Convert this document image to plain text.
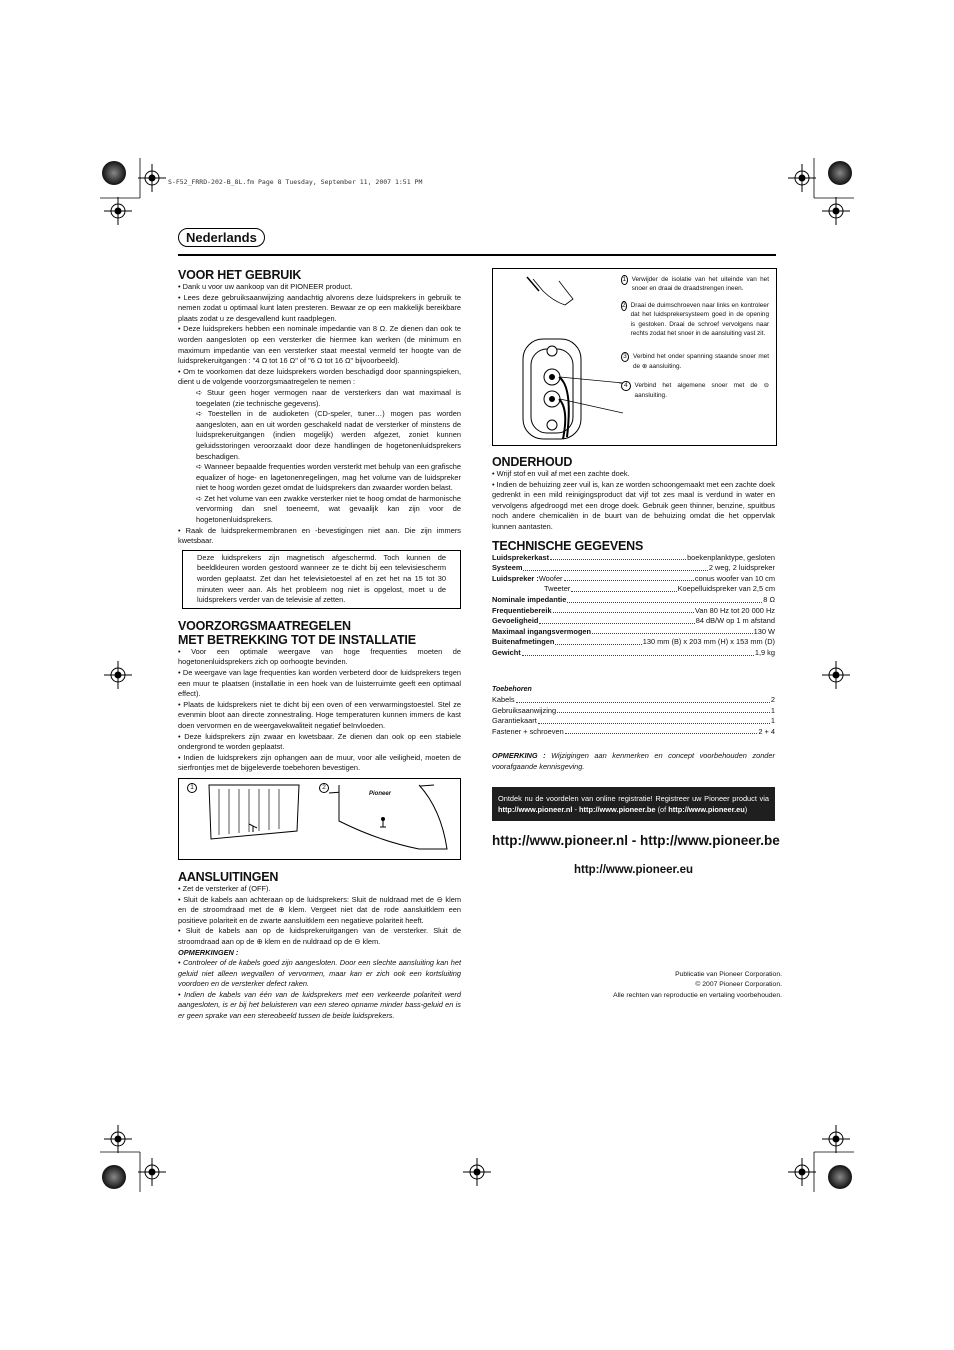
S-F52_FRRD-202-B_8L.fm Page 8 Tuesday, September 11, 2007 1:51 PM
Nederlands
VOOR HET GEBRUIK
• Dank u voor uw aankoop van dit PIONEER product.
• Lees deze gebruiksaanwijzing aandachtig alvorens deze luidsprekers in gebruik te nemen zodat u optimaal kunt laten presteren. Bewaar ze op een makkelijk bereikbare plaats zodat u ze desgevallend kunt raadplegen.
• Deze luidsprekers hebben een nominale impedantie van 8 Ω. Ze dienen dan ook te worden aangesloten op een versterker die hiermee kan werken (de minimum en maximum impedantie van een versterker staat meestal vermeld ter hoogte van de luidsprekeruitgangen : "4 Ω tot 16 Ω" of "6 Ω tot 16 Ω" bijvoorbeeld).
• Om te voorkomen dat deze luidsprekers worden beschadigd door spanningspieken, dient u de volgende voorzorgsmaatregelen te nemen :
➪ Stuur geen hoger vermogen naar de versterkers dan wat maximaal is toegelaten (zie technische gegevens).
➪ Toestellen in de audioketen (CD-speler, tuner…) mogen pas worden aangesloten, aan en uit worden geschakeld nadat de versterker of minstens de luidsprekeruitgangen (indien mogelijk) werden afgezet, zoniet kunnen geluidsstoringen veroorzaakt door deze handlingen de hogetonenluidsprekers beschadigen.
➪ Wanneer bepaalde frequenties worden versterkt met behulp van een grafische equalizer of hoge- en lagetonenregelingen, mag het volume van de luidspreker niet te hoog worden gezet omdat de luidsprekers dan zwaarder worden belast.
➪ Zet het volume van een zwakke versterker niet te hoog omdat de harmonische vervorming dan snel toeneemt, wat gevaalijk kan zijn voor de hogetonenluidsprekers.
• Raak de luidsprekermembranen en -bevestigingen niet aan. Die zijn immers kwetsbaar.
Deze luidsprekers zijn magnetisch afgeschermd. Toch kunnen de beeldkleuren worden gestoord wanneer ze te dicht bij een televisiescherm worden geplaatst. Zet dan het televisietoestel af en zet het na 15 tot 30 minuten weer aan. Als het probleem nog niet is opgelost, moet u de luidsprekers verder van de televisie af zetten.
VOORZORGSMAATREGELEN
MET BETREKKING TOT DE INSTALLATIE
• Voor een optimale weergave van hoge frequenties moeten de hogetonenluidsprekers zich op oorhoogte bevinden.
• De weergave van lage frequenties kan worden verbeterd door de luidsprekers tegen een muur te plaatsen (installatie in een hoek van de luisterruimte geeft een optimaal effect).
• Plaats de luidsprekers niet te dicht bij een oven of een verwarmingstoestel. Stel ze evenmin bloot aan directe zonnestraling. Hoge temperaturen kunnen immers de kast doen vervormen en de weergavekwaliteit negatief beïnvloeden.
• Deze luidsprekers zijn zwaar en kwetsbaar. Ze dienen dan ook op een stabiele ondergrond te worden geplaatst.
• Indien de luidsprekers zijn ophangen aan de muur, voor alle veiligheid, moeten de sierfrontjes met de bijgeleverde toebehoren bevestigen.
1	2
Pioneer
AANSLUITINGEN
• Zet de versterker af (OFF).
• Sluit de kabels aan achteraan op de luidsprekers: Sluit de nuldraad met de ⊖ klem en de stroomdraad met de ⊕ klem. Vergeet niet dat de rode aansluitklem een positieve polariteit en de zwarte aansluitklem een negatieve polariteit heeft.
• Sluit de kabels aan op de luidsprekeruitgangen van de versterker. Sluit de stroomdraad aan op de ⊕ klem en de nuldraad op de ⊖ klem.
OPMERKINGEN :
• Controleer of de kabels goed zijn aangesloten. Door een slechte aansluiting kan het geluid niet alleen wegvallen of vervormen, maar kan er zich ook een kortsluiting voordoen en de versterker defect raken.
• Indien de kabels van één van de luidsprekers met een verkeerde polariteit werd aangesloten, is er bij het beluisteren van een stereo opname minder bass-geluid en is er geen sprake van een stereobeeld tussen de beide luidsprekers.
1 Verwijder de isolatie van het uiteinde van het snoer en draai de draadstrengen ineen.
2 Draai de duimschroeven naar links en kontroleer dat het luidsprekersysteem goed in de opening is gestoken. Draai de schroef vervolgens naar rechts zodat het snoer in de aansluiting vast zit.
3 Verbind het onder spanning staande snoer met de ⊕ aansluiting.
4	Verbind het algemene snoer met de ⊖ aansluiting.
ONDERHOUD
• Wrijf stof en vuil af met een zachte doek.
• Indien de behuizing zeer vuil is, kan ze worden schoongemaakt met een zachte doek gedrenkt in een mild reinigingsproduct dat vijf tot zes maal is verdund in water en vervolgens afgedroogd met een droge doek. Gebruik geen thinner, benzine, spuitbus noch andere chemicaliën in de buurt van de behuizing omdat die het oppervlak kunnen aantasten.
TECHNISCHE GEGEVENS
Luidsprekerkast	boekenplanktype, gesloten
Systeem	2 weg, 2 luidspreker
Luidspreker : Woofer	conus woofer van 10 cm
Tweeter	Koepelluidspreker van 2,5 cm
Nominale impedantie	8 Ω
Frequentiebereik	Van 80 Hz tot 20 000 Hz
Gevoeligheid	84 dB/W op 1 m afstand
Maximaal ingangsvermogen	130 W
Buitenafmetingen	130 mm (B) x 203 mm (H) x 153 mm (D)
Gewicht	1,9 kg
Toebehoren
Kabels	2
Gebruiksaanwijzing	1
Garantiekaart	1
Fastener + schroeven	2 + 4
OPMERKING : Wijzigingen aan kenmerken en concept voorbehouden zonder voorafgaande kennisgeving.
Ontdek nu de voordelen van online registratie! Registreer uw Pioneer product via http://www.pioneer.nl - http://www.pioneer.be (of http://www.pioneer.eu)
http://www.pioneer.nl - http://www.pioneer.be
http://www.pioneer.eu
Publicatie van Pioneer Corporation.
© 2007 Pioneer Corporation.
Alle rechten van reproductie en vertaling voorbehouden.
